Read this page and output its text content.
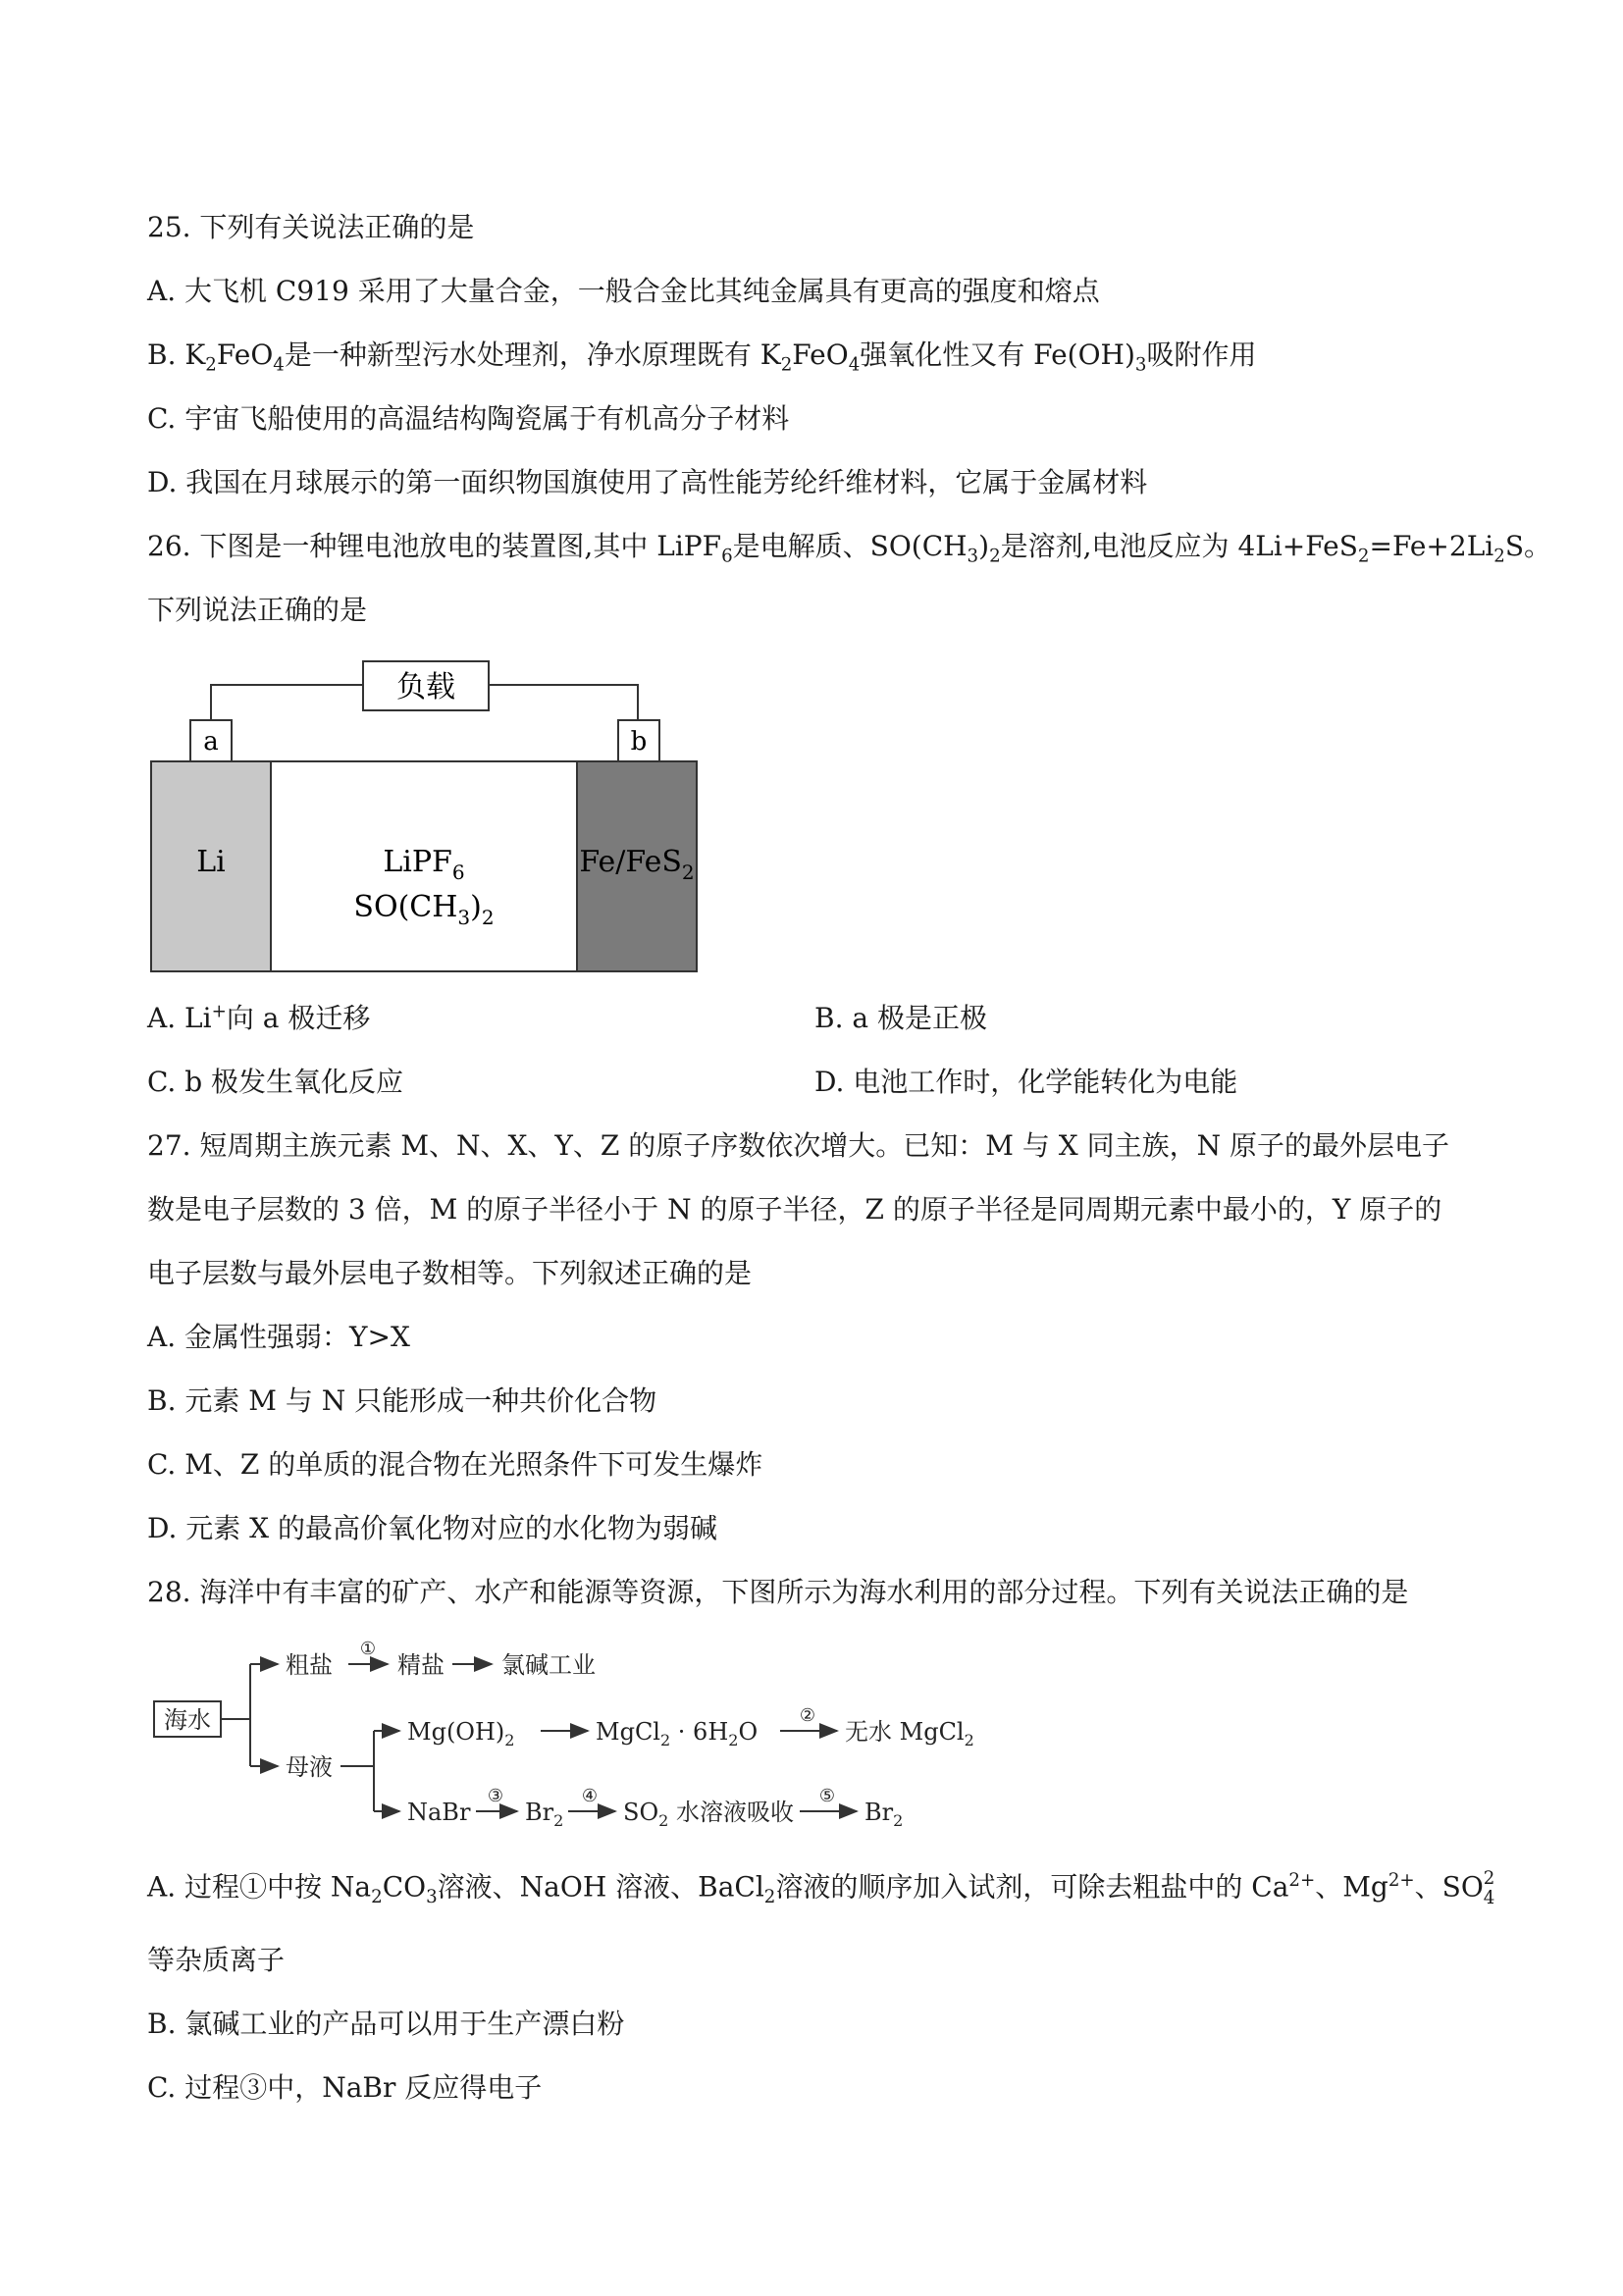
25. 下列有关说法正确的是
A. 大飞机 C919 采用了大量合金，一般合金比其纯金属具有更高的强度和熔点
B. $K_2FeO_4$是一种新型污水处理剂，净水原理既有 $K_2FeO_4$强氧化性又有 $Fe(OH)_3$吸附作用
C. 宇宙飞船使用的高温结构陶瓷属于有机高分子材料
D. 我国在月球展示的第一面织物国旗使用了高性能芳纶纤维材料，它属于金属材料
26. 下图是一种锂电池放电的装置图,其中 LiPF$_6$是电解质、$SO(CH_3)_2$是溶剂,电池反应为 $4Li+FeS_2=Fe+2Li_2S$。
下列说法正确的是
负载
a	b
Li	LiPF$_6$
$SO(CH_3)_2$
Fe/FeS$_2$
A. Li+向 a 极迁移	B. a 极是正极
C. b 极发生氧化反应	D. 电池工作时，化学能转化为电能
27. 短周期主族元素 M、N、X、Y、Z 的原子序数依次增大。已知：M 与 X 同主族，N 原子的最外层电子
数是电子层数的 3 倍，M 的原子半径小于 N 的原子半径，Z 的原子半径是同周期元素中最小的，Y 原子的
电子层数与最外层电子数相等。下列叙述正确的是
A. 金属性强弱：Y>X
B. 元素 M 与 N 只能形成一种共价化合物
C. M、Z 的单质的混合物在光照条件下可发生爆炸
D. 元素 X 的最高价氧化物对应的水化物为弱碱
28. 海洋中有丰富的矿产、水产和能源等资源，下图所示为海水利用的部分过程。下列有关说法正确的是
海水
粗盐
①
精盐 氯碱工业
母液
$Mg(OH)_2$	MgCl$_2$ · $6H_2O$
②
无水 MgCl$_2$
NaBr
③
$Br_2$
④
$SO_2$ 水溶液吸收
⑤
$Br_2$
A. 过程①中按 $Na_2CO_3$溶液、NaOH 溶液、BaCl$_2$溶液的顺序加入试剂，可除去粗盐中的 $Ca^{2+}$、$Mg^{2+}$、SO 2
4
等杂质离子
B. 氯碱工业的产品可以用于生产漂白粉
C. 过程③中，NaBr 反应得电子
